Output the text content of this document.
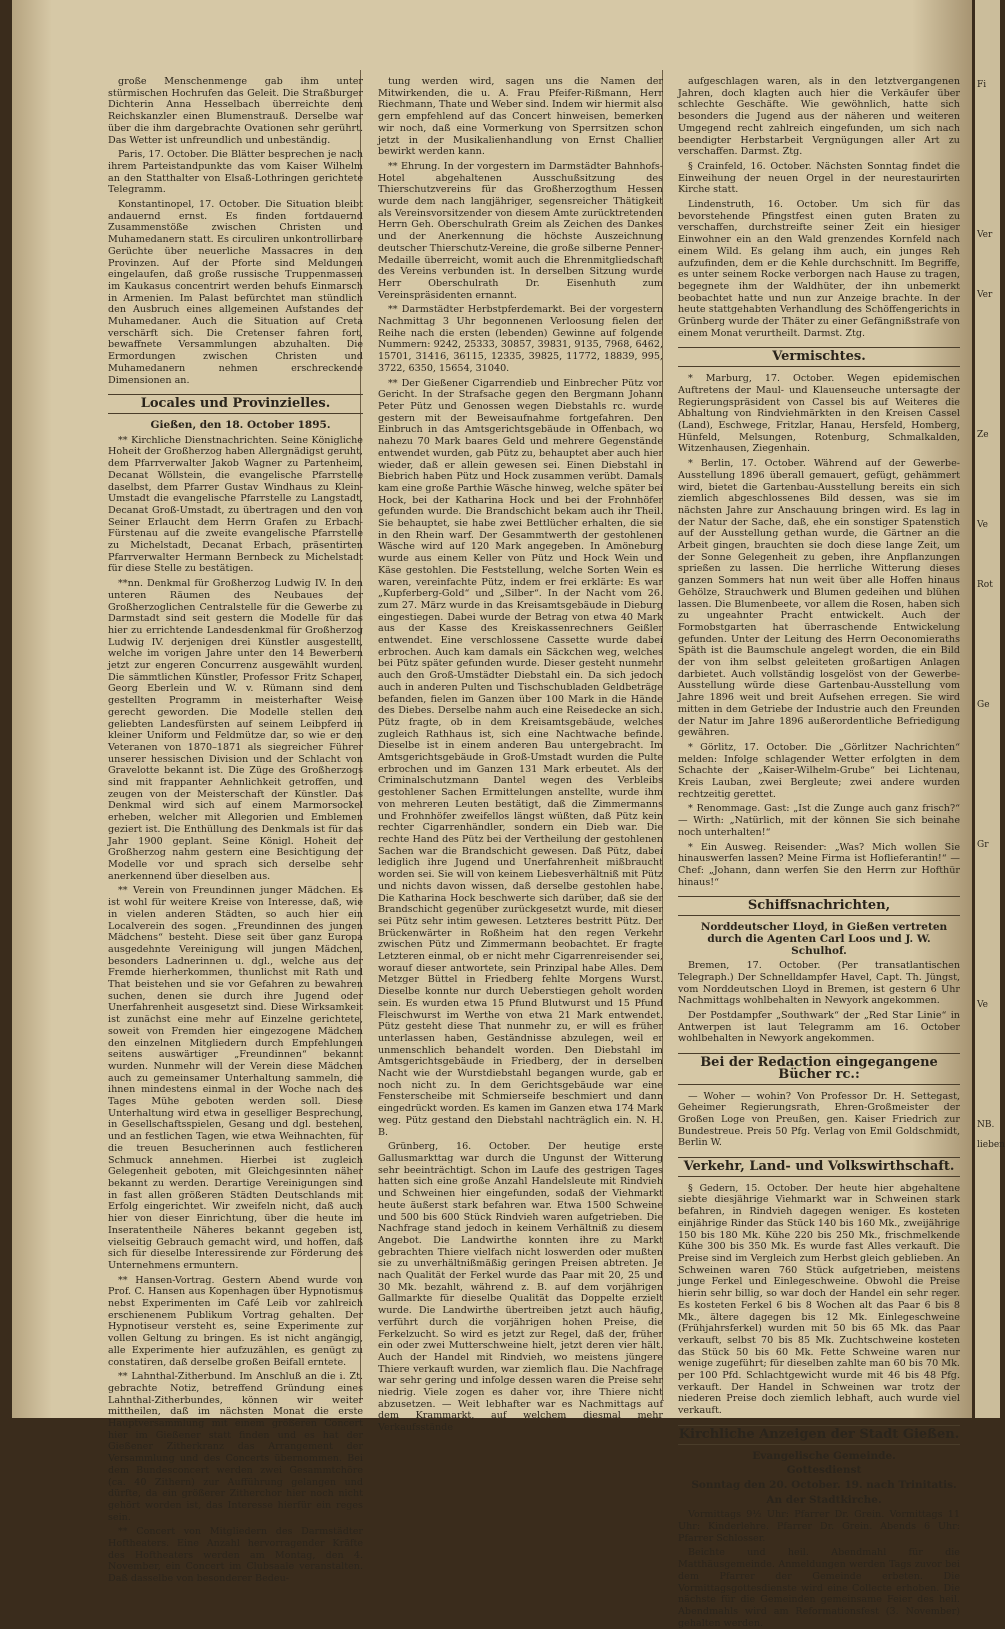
große Menschenmenge gab ihm unter stürmischen Hochrufen das Geleit. Die Straßburger Dichterin Anna Hesselbach überreichte dem Reichskanzler einen Blumenstrauß. Derselbe war über die ihm dargebrachte Ovationen sehr gerührt. Das Wetter ist unfreundlich und unbeständig.

Paris, 17. October. Die Blätter besprechen je nach ihrem Parteistandpunkte das vom Kaiser Wilhelm an den Statthalter von Elsaß-Lothringen gerichtete Telegramm.

Konstantinopel, 17. October. Die Situation bleibt andauernd ernst. Es finden fortdauernd Zusammenstöße zwischen Christen und Muhamedanern statt. Es circuliren unkontrollirbare Gerüchte über neuerliche Massacres in den Provinzen. Auf der Pforte sind Meldungen eingelaufen, daß große russische Truppenmassen im Kaukasus concentrirt werden behufs Einmarsch in Armenien. Im Palast befürchtet man stündlich den Ausbruch eines allgemeinen Aufstandes der Muhamedaner. Auch die Situation auf Creta verschärft sich. Die Cretenser fahren fort, bewaffnete Versammlungen abzuhalten. Die Ermordungen zwischen Christen und Muhamedanern nehmen erschreckende Dimensionen an.

Locales und Provinzielles.

Gießen, den 18. October 1895.

** Kirchliche Dienstnachrichten. Seine Königliche Hoheit der Großherzog haben Allergnädigst geruht, dem Pfarrverwalter Jakob Wagner zu Partenheim, Decanat Wöllstein, die evangelische Pfarrstelle daselbst, dem Pfarrer Gustav Windhaus zu Klein-Umstadt die evangelische Pfarrstelle zu Langstadt, Decanat Groß-Umstadt, zu übertragen und den von Seiner Erlaucht dem Herrn Grafen zu Erbach-Fürstenau auf die zweite evangelische Pfarrstelle zu Michelstadt, Decanat Erbach, präsentirten Pfarrverwalter Hermann Bernbeck zu Michelstadt für diese Stelle zu bestätigen.

**nn. Denkmal für Großherzog Ludwig IV. In den unteren Räumen des Neubaues der Großherzoglichen Centralstelle für die Gewerbe zu Darmstadt sind seit gestern die Modelle für das hier zu errichtende Landesdenkmal für Großherzog Ludwig IV. derjenigen drei Künstler ausgestellt, welche im vorigen Jahre unter den 14 Bewerbern jetzt zur engeren Concurrenz ausgewählt wurden. Die sämmtlichen Künstler, Professor Fritz Schaper, Georg Eberlein und W. v. Rümann sind dem gestellten Programm in meisterhafter Weise gerecht geworden. Die Modelle stellen den geliebten Landesfürsten auf seinem Leibpferd in kleiner Uniform und Feldmütze dar, so wie er den Veteranen von 1870–1871 als siegreicher Führer unserer hessischen Division und der Schlacht von Gravelotte bekannt ist. Die Züge des Großherzogs sind mit frappanter Aehnlichkeit getroffen, und zeugen von der Meisterschaft der Künstler. Das Denkmal wird sich auf einem Marmorsockel erheben, welcher mit Allegorien und Emblemen geziert ist. Die Enthüllung des Denkmals ist für das Jahr 1900 geplant. Seine Königl. Hoheit der Großherzog nahm gestern eine Besichtigung der Modelle vor und sprach sich derselbe sehr anerkennend über dieselben aus.

** Verein von Freundinnen junger Mädchen. Es ist wohl für weitere Kreise von Interesse, daß, wie in vielen anderen Städten, so auch hier ein Localverein des sogen. „Freundinnen des jungen Mädchens“ besteht. Diese seit über ganz Europa ausgedehnte Vereinigung will jungen Mädchen, besonders Ladnerinnen u. dgl., welche aus der Fremde hierherkommen, thunlichst mit Rath und That beistehen und sie vor Gefahren zu bewahren suchen, denen sie durch ihre Jugend oder Unerfahrenheit ausgesetzt sind. Diese Wirksamkeit ist zunächst eine mehr auf Einzelne gerichtete, soweit von Fremden hier eingezogene Mädchen den einzelnen Mitgliedern durch Empfehlungen seitens auswärtiger „Freundinnen“ bekannt wurden. Nunmehr will der Verein diese Mädchen auch zu gemeinsamer Unterhaltung sammeln, die ihnen mindestens einmal in der Woche nach des Tages Mühe geboten werden soll. Diese Unterhaltung wird etwa in geselliger Besprechung, in Gesellschaftsspielen, Gesang und dgl. bestehen, und an festlichen Tagen, wie etwa Weihnachten, für die treuen Besucherinnen auch festlicheren Schmuck annehmen. Hierbei ist zugleich Gelegenheit geboten, mit Gleichgesinnten näher bekannt zu werden. Derartige Vereinigungen sind in fast allen größeren Städten Deutschlands mit Erfolg eingerichtet. Wir zweifeln nicht, daß auch hier von dieser Einrichtung, über die heute im Inseratentheile Näheres bekannt gegeben ist, vielseitig Gebrauch gemacht wird, und hoffen, daß sich für dieselbe Interessirende zur Förderung des Unternehmens ermuntern.

** Hansen-Vortrag. Gestern Abend wurde von Prof. C. Hansen aus Kopenhagen über Hypnotismus nebst Experimenten im Café Leib vor zahlreich erschienenem Publikum Vortrag gehalten. Der Hypnotiseur versteht es, seine Experimente zur vollen Geltung zu bringen. Es ist nicht angängig, alle Experimente hier aufzuzählen, es genügt zu constatiren, daß derselbe großen Beifall erntete.

** Lahnthal-Zitherbund. Im Anschluß an die i. Zt. gebrachte Notiz, betreffend Gründung eines Lahnthal-Zitherbundes, können wir weiter mittheilen, daß im nächsten Monat die erste Hauptversammlung mit einem größeren Concert hier im Gießener statt finden und es hat der Gießener Zitherkranz das Arrangement der Versammlung und des Concerts übernommen. Bei dem Bundesconcert werden zwei Gesammtchöre (ca. 40 Zithern) zur Aufführung gelangen und dürfte, da ein größerer Zitherchor hier noch nicht gehört worden ist, das Interesse hierfür ein reges sein.

** Concert von Mitgliedern des Darmstädter Hoftheaters. Eine Anzahl hervorragender Kräfte des Hoftheaters werden am Montag, den 4. November, ein Concert im Clubsaale veranstalten. Daß dasselbe von besonderer Bedeu-

tung werden wird, sagen uns die Namen der Mitwirkenden, die u. A. Frau Pfeifer-Rißmann, Herr Riechmann, Thate und Weber sind. Indem wir hiermit also gern empfehlend auf das Concert hinweisen, bemerken wir noch, daß eine Vormerkung von Sperrsitzen schon jetzt in der Musikalienhandlung von Ernst Challier bewirkt werden kann.

** Ehrung. In der vorgestern im Darmstädter Bahnhofs-Hotel abgehaltenen Ausschußsitzung des Thierschutzvereins für das Großherzogthum Hessen wurde dem nach langjähriger, segensreicher Thätigkeit als Vereinsvorsitzender von diesem Amte zurücktretenden Herrn Geh. Oberschulrath Greim als Zeichen des Dankes und der Anerkennung die höchste Auszeichnung deutscher Thierschutz-Vereine, die große silberne Penner-Medaille überreicht, womit auch die Ehrenmitgliedschaft des Vereins verbunden ist. In derselben Sitzung wurde Herr Oberschulrath Dr. Eisenhuth zum Vereinspräsidenten ernannt.

** Darmstädter Herbstpferdemarkt. Bei der vorgestern Nachmittag 3 Uhr begonnenen Verloosung fielen der Reihe nach die ersten (lebenden) Gewinne auf folgende Nummern: 9242, 25333, 30857, 39831, 9135, 7968, 6462, 15701, 31416, 36115, 12335, 39825, 11772, 18839, 995, 3722, 6350, 15654, 31040.

** Der Gießener Cigarrendieb und Einbrecher Pütz vor Gericht. In der Strafsache gegen den Bergmann Johann Peter Pütz und Genossen wegen Diebstahls rc. wurde gestern mit der Beweisaufnahme fortgefahren. Den Einbruch in das Amtsgerichtsgebäude in Offenbach, wo nahezu 70 Mark baares Geld und mehrere Gegenstände entwendet wurden, gab Pütz zu, behauptet aber auch hier wieder, daß er allein gewesen sei. Einen Diebstahl in Biebrich haben Pütz und Hock zusammen verübt. Damals kam eine große Parthie Wäsche hinweg, welche später bei Hock, bei der Katharina Hock und bei der Frohnhöfer gefunden wurde. Die Brandschicht bekam auch ihr Theil. Sie behauptet, sie habe zwei Bettlücher erhalten, die sie in den Rhein warf. Der Gesammtwerth der gestohlenen Wäsche wird auf 120 Mark angegeben. In Amöneburg wurde aus einem Keller von Pütz und Hock Wein und Käse gestohlen. Die Feststellung, welche Sorten Wein es waren, vereinfachte Pütz, indem er frei erklärte: Es war „Kupferberg-Gold“ und „Silber“. In der Nacht vom 26. zum 27. März wurde in das Kreisamtsgebäude in Dieburg eingestiegen. Dabei wurde der Betrag von etwa 40 Mark aus der Kasse des Kreiskassenrechners Geißler entwendet. Eine verschlossene Cassette wurde dabei erbrochen. Auch kam damals ein Säckchen weg, welches bei Pütz später gefunden wurde. Dieser gesteht nunmehr auch den Groß-Umstädter Diebstahl ein. Da sich jedoch auch in anderen Pulten und Tischschubladen Geldbeträge befanden, fielen im Ganzen über 100 Mark in die Hände des Diebes. Derselbe nahm auch eine Reisedecke an sich. Pütz fragte, ob in dem Kreisamtsgebäude, welches zugleich Rathhaus ist, sich eine Nachtwache befinde. Dieselbe ist in einem anderen Bau untergebracht. Im Amtsgerichtsgebäude in Groß-Umstadt wurden die Pulte erbrochen und im Ganzen 131 Mark erbeutet. Als der Criminalschutzmann Dantel wegen des Verbleibs gestohlener Sachen Ermittelungen anstellte, wurde ihm von mehreren Leuten bestätigt, daß die Zimmermanns und Frohnhöfer zweifellos längst wüßten, daß Pütz kein rechter Cigarrenhändler, sondern ein Dieb war. Die rechte Hand des Pütz bei der Vertheilung der gestohlenen Sachen war die Brandschicht gewesen. Daß Pütz, dabei lediglich ihre Jugend und Unerfahrenheit mißbraucht worden sei. Sie will von keinem Liebesverhältniß mit Pütz und nichts davon wissen, daß derselbe gestohlen habe. Die Katharina Hock beschwerte sich darüber, daß sie der Brandschicht gegenüber zurückgesetzt wurde, mit dieser sei Pütz sehr intim gewesen. Letzteres bestritt Pütz. Der Brückenwärter in Roßheim hat den regen Verkehr zwischen Pütz und Zimmermann beobachtet. Er fragte Letzteren einmal, ob er nicht mehr Cigarrenreisender sei, worauf dieser antwortete, sein Prinzipal habe Alles. Dem Metzger Büttel in Friedberg fehlte Morgens Wurst. Dieselbe konnte nur durch Ueberstiegen geholt worden sein. Es wurden etwa 15 Pfund Blutwurst und 15 Pfund Fleischwurst im Werthe von etwa 21 Mark entwendet. Pütz gesteht diese That nunmehr zu, er will es früher unterlassen haben, Geständnisse abzulegen, weil er unmenschlich behandelt worden. Den Diebstahl im Amtsgerichtsgebäude in Friedberg, der in derselben Nacht wie der Wurstdiebstahl begangen wurde, gab er noch nicht zu. In dem Gerichtsgebäude war eine Fensterscheibe mit Schmierseife beschmiert und dann eingedrückt worden. Es kamen im Ganzen etwa 174 Mark weg. Pütz gestand den Diebstahl nachträglich ein. N. H. B.

Grünberg, 16. October. Der heutige erste Gallusmarkttag war durch die Ungunst der Witterung sehr beeinträchtigt. Schon im Laufe des gestrigen Tages hatten sich eine große Anzahl Handelsleute mit Rindvieh und Schweinen hier eingefunden, sodaß der Viehmarkt heute äußerst stark befahren war. Etwa 1500 Schweine und 500 bis 600 Stück Rindvieh waren aufgetrieben. Die Nachfrage stand jedoch in keinem Verhältniß zu diesem Angebot. Die Landwirthe konnten ihre zu Markt gebrachten Thiere vielfach nicht loswerden oder mußten sie zu unverhältnißmäßig geringen Preisen abtreten. Je nach Qualität der Ferkel wurde das Paar mit 20, 25 und 30 Mk. bezahlt, während z. B. auf dem vorjährigen Gallmarkte für dieselbe Qualität das Doppelte erzielt wurde. Die Landwirthe übertreiben jetzt auch häufig, verführt durch die vorjährigen hohen Preise, die Ferkelzucht. So wird es jetzt zur Regel, daß der, früher ein oder zwei Mutterschweine hielt, jetzt deren vier hält. Auch der Handel mit Rindvieh, wo meistens jüngere Thiere verkauft wurden, war ziemlich flau. Die Nachfrage war sehr gering und infolge dessen waren die Preise sehr niedrig. Viele zogen es daher vor, ihre Thiere nicht abzusetzen. — Weit lebhafter war es Nachmittags auf dem Krammarkt, auf welchem diesmal mehr Verkaufsstände

aufgeschlagen waren, als in den letztvergangenen Jahren, doch klagten auch hier die Verkäufer über schlechte Geschäfte. Wie gewöhnlich, hatte sich besonders die Jugend aus der näheren und weiteren Umgegend recht zahlreich eingefunden, um sich nach beendigter Herbstarbeit Vergnügungen aller Art zu verschaffen. Darmst. Ztg.

§ Crainfeld, 16. October. Nächsten Sonntag findet die Einweihung der neuen Orgel in der neurestaurirten Kirche statt.

Lindenstruth, 16. October. Um sich für das bevorstehende Pfingstfest einen guten Braten zu verschaffen, durchstreifte seiner Zeit ein hiesiger Einwohner ein an den Wald grenzendes Kornfeld nach einem Wild. Es gelang ihm auch, ein junges Reh aufzufinden, dem er die Kehle durchschnitt. Im Begriffe, es unter seinem Rocke verborgen nach Hause zu tragen, begegnete ihm der Waldhüter, der ihn unbemerkt beobachtet hatte und nun zur Anzeige brachte. In der heute stattgehabten Verhandlung des Schöffengerichts in Grünberg wurde der Thäter zu einer Gefängnißstrafe von einem Monat verurtheilt. Darmst. Ztg.

Vermischtes.

* Marburg, 17. October. Wegen epidemischen Auftretens der Maul- und Klauenseuche untersagte der Regierungspräsident von Cassel bis auf Weiteres die Abhaltung von Rindviehmärkten in den Kreisen Cassel (Land), Eschwege, Fritzlar, Hanau, Hersfeld, Homberg, Hünfeld, Melsungen, Rotenburg, Schmalkalden, Witzenhausen, Ziegenhain.

* Berlin, 17. October. Während auf der Gewerbe-Ausstellung 1896 überall gemauert, gefügt, gehämmert wird, bietet die Gartenbau-Ausstellung bereits ein sich ziemlich abgeschlossenes Bild dessen, was sie im nächsten Jahre zur Anschauung bringen wird. Es lag in der Natur der Sache, daß, ehe ein sonstiger Spatenstich auf der Ausstellung gethan wurde, die Gärtner an die Arbeit gingen, brauchten sie doch diese lange Zeit, um der Sonne Gelegenheit zu geben, ihre Anpflanzungen sprießen zu lassen. Die herrliche Witterung dieses ganzen Sommers hat nun weit über alle Hoffen hinaus Gehölze, Strauchwerk und Blumen gedeihen und blühen lassen. Die Blumenbeete, vor allem die Rosen, haben sich zu ungeahnter Pracht entwickelt. Auch der Formobstgarten hat überraschende Entwickelung gefunden. Unter der Leitung des Herrn Oeconomieraths Späth ist die Baumschule angelegt worden, die ein Bild der von ihm selbst geleiteten großartigen Anlagen darbietet. Auch vollständig losgelöst von der Gewerbe-Ausstellung würde diese Gartenbau-Ausstellung vom Jahre 1896 weit und breit Aufsehen erregen. Sie wird mitten in dem Getriebe der Industrie auch den Freunden der Natur im Jahre 1896 außerordentliche Befriedigung gewähren.

* Görlitz, 17. October. Die „Görlitzer Nachrichten“ melden: Infolge schlagender Wetter erfolgten in dem Schachte der „Kaiser-Wilhelm-Grube“ bei Lichtenau, Kreis Lauban, zwei Bergleute; zwei andere wurden rechtzeitig gerettet.

* Renommage. Gast: „Ist die Zunge auch ganz frisch?“ — Wirth: „Natürlich, mit der können Sie sich beinahe noch unterhalten!“

* Ein Ausweg. Reisender: „Was? Mich wollen Sie hinauswerfen lassen? Meine Firma ist Hoflieferantin!“ — Chef: „Johann, dann werfen Sie den Herrn zur Hofthür hinaus!“

Schiffsnachrichten,

Norddeutscher Lloyd, in Gießen vertreten durch die Agenten Carl Loos und J. W. Schulhof.

Bremen, 17. October. (Per transatlantischen Telegraph.) Der Schnelldampfer Havel, Capt. Th. Jüngst, vom Norddeutschen Lloyd in Bremen, ist gestern 6 Uhr Nachmittags wohlbehalten in Newyork angekommen.

Der Postdampfer „Southwark“ der „Red Star Linie“ in Antwerpen ist laut Telegramm am 16. October wohlbehalten in Newyork angekommen.

Bei der Redaction eingegangene Bücher rc.:

— Woher — wohin? Von Professor Dr. H. Settegast, Geheimer Regierungsrath, Ehren-Großmeister der Großen Loge von Preußen, gen. Kaiser Friedrich zur Bundestreue. Preis 50 Pfg. Verlag von Emil Goldschmidt, Berlin W.

Verkehr, Land- und Volkswirthschaft.

§ Gedern, 15. October. Der heute hier abgehaltene siebte diesjährige Viehmarkt war in Schweinen stark befahren, in Rindvieh dagegen weniger. Es kosteten einjährige Rinder das Stück 140 bis 160 Mk., zweijährige 150 bis 180 Mk. Kühe 220 bis 250 Mk., frischmelkende Kühe 300 bis 350 Mk. Es wurde fast Alles verkauft. Die Preise sind im Vergleich zum Herbst gleich geblieben. An Schweinen waren 760 Stück aufgetrieben, meistens junge Ferkel und Einlegeschweine. Obwohl die Preise hierin sehr billig, so war doch der Handel ein sehr reger. Es kosteten Ferkel 6 bis 8 Wochen alt das Paar 6 bis 8 Mk., ältere dagegen bis 12 Mk. Einlegeschweine (Frühjahrsferkel) wurden mit 50 bis 65 Mk. das Paar verkauft, selbst 70 bis 85 Mk. Zuchtschweine kosteten das Stück 50 bis 60 Mk. Fette Schweine waren nur wenige zugeführt; für dieselben zahlte man 60 bis 70 Mk. per 100 Pfd. Schlachtgewicht wurde mit 46 bis 48 Pfg. verkauft. Der Handel in Schweinen war trotz der niederen Preise doch ziemlich lebhaft, auch wurde viel verkauft.

Kirchliche Anzeigen der Stadt Gießen.

Evangelische Gemeinde.

Gottesdienst

Sonntag den 20. October. 19. nach Trinitatis.

An der Stadtkirche.

Vormittags 9½ Uhr: Pfarrer Dr. Grein. Vormittags 11 Uhr: Kinderlehre. Pfarrer Dr. Grein. Abends 6 Uhr: Pfarrer Schlosser.

Beichte und heil. Abendmahl für die Matthäusgemeinde. Anmeldungen werden Tags zuvor bei dem Pfarrer der Gemeinde erbeten. Die Vormittagsgottesdienste wird eine Collecte erhoben. Die nächste für die Gemeinden gemeinsame Feier des heil. Abendmahls wird am Reformationsfest (3. November) gehalten werden.

Fi
Ver
Ver
Ze
Ve
Rot
Ge
Gr
Ve
NB.
lieben
